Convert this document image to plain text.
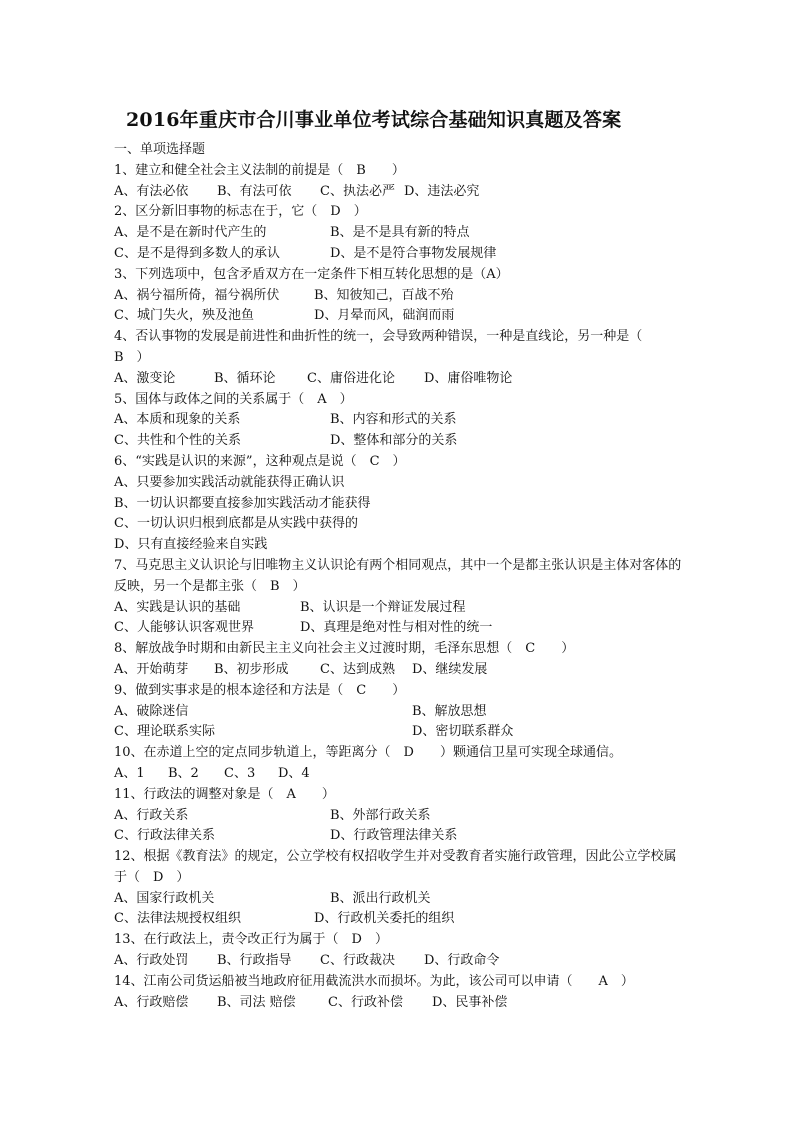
2016年重庆市合川事业单位考试综合基础知识真题及答案
一、单项选择题
1、建立和健全社会主义法制的前提是（　B　　）
A、有法必依 B、有法可依 C、执法必严 D、违法必究
2、区分新旧事物的标志在于，它（　D　）
A、是不是在新时代产生的	B、是不是具有新的特点
C、是不是得到多数人的承认	D、是不是符合事物发展规律
3、下列选项中，包含矛盾双方在一定条件下相互转化思想的是（A）
A、祸兮福所倚，福兮祸所伏	B、知彼知己，百战不殆
C、城门失火，殃及池鱼	D、月晕而风，础润而雨
4、否认事物的发展是前进性和曲折性的统一，会导致两种错误，一种是直线论，另一种是（　B　）
A、激变论	B、循环论 C、庸俗进化论 D、庸俗唯物论
5、国体与政体之间的关系属于（　A　）
A、本质和现象的关系	B、内容和形式的关系
C、共性和个性的关系	D、整体和部分的关系
6、“实践是认识的来源”，这种观点是说（　C　）
A、只要参加实践活动就能获得正确认识
B、一切认识都要直接参加实践活动才能获得
C、一切认识归根到底都是从实践中获得的
D、只有直接经验来自实践
7、马克思主义认识论与旧唯物主义认识论有两个相同观点，其中一个是都主张认识是主体对客体的反映，另一个是都主张（　B　）
A、实践是认识的基础	B、认识是一个辩证发展过程
C、人能够认识客观世界	D、真理是绝对性与相对性的统一
8、解放战争时期和由新民主主义向社会主义过渡时期，毛泽东思想（　C　　）
A、开始萌芽 B、初步形成 C、达到成熟 D、继续发展
9、做到实事求是的根本途径和方法是（　C　　）
A、破除迷信	B、解放思想
C、理论联系实际	D、密切联系群众
10、在赤道上空的定点同步轨道上，等距离分（　D　　）颗通信卫星可实现全球通信。
A、1 B、2 C、3 D、4
11、行政法的调整对象是（　A　　）
A、行政关系	B、外部行政关系
C、行政法律关系	D、行政管理法律关系
12、根据《教育法》的规定，公立学校有权招收学生并对受教育者实施行政管理，因此公立学校属于（　D　）
A、国家行政机关	B、派出行政机关
C、法律法规授权组织	D、行政机关委托的组织
13、在行政法上，责令改正行为属于（　D　）
A、行政处罚 B、行政指导 C、行政裁决 D、行政命令
14、江南公司货运船被当地政府征用截流洪水而损坏。为此，该公司可以申请（　　A　）
A、行政赔偿 B、司法 赔偿 C、行政补偿 D、民事补偿
